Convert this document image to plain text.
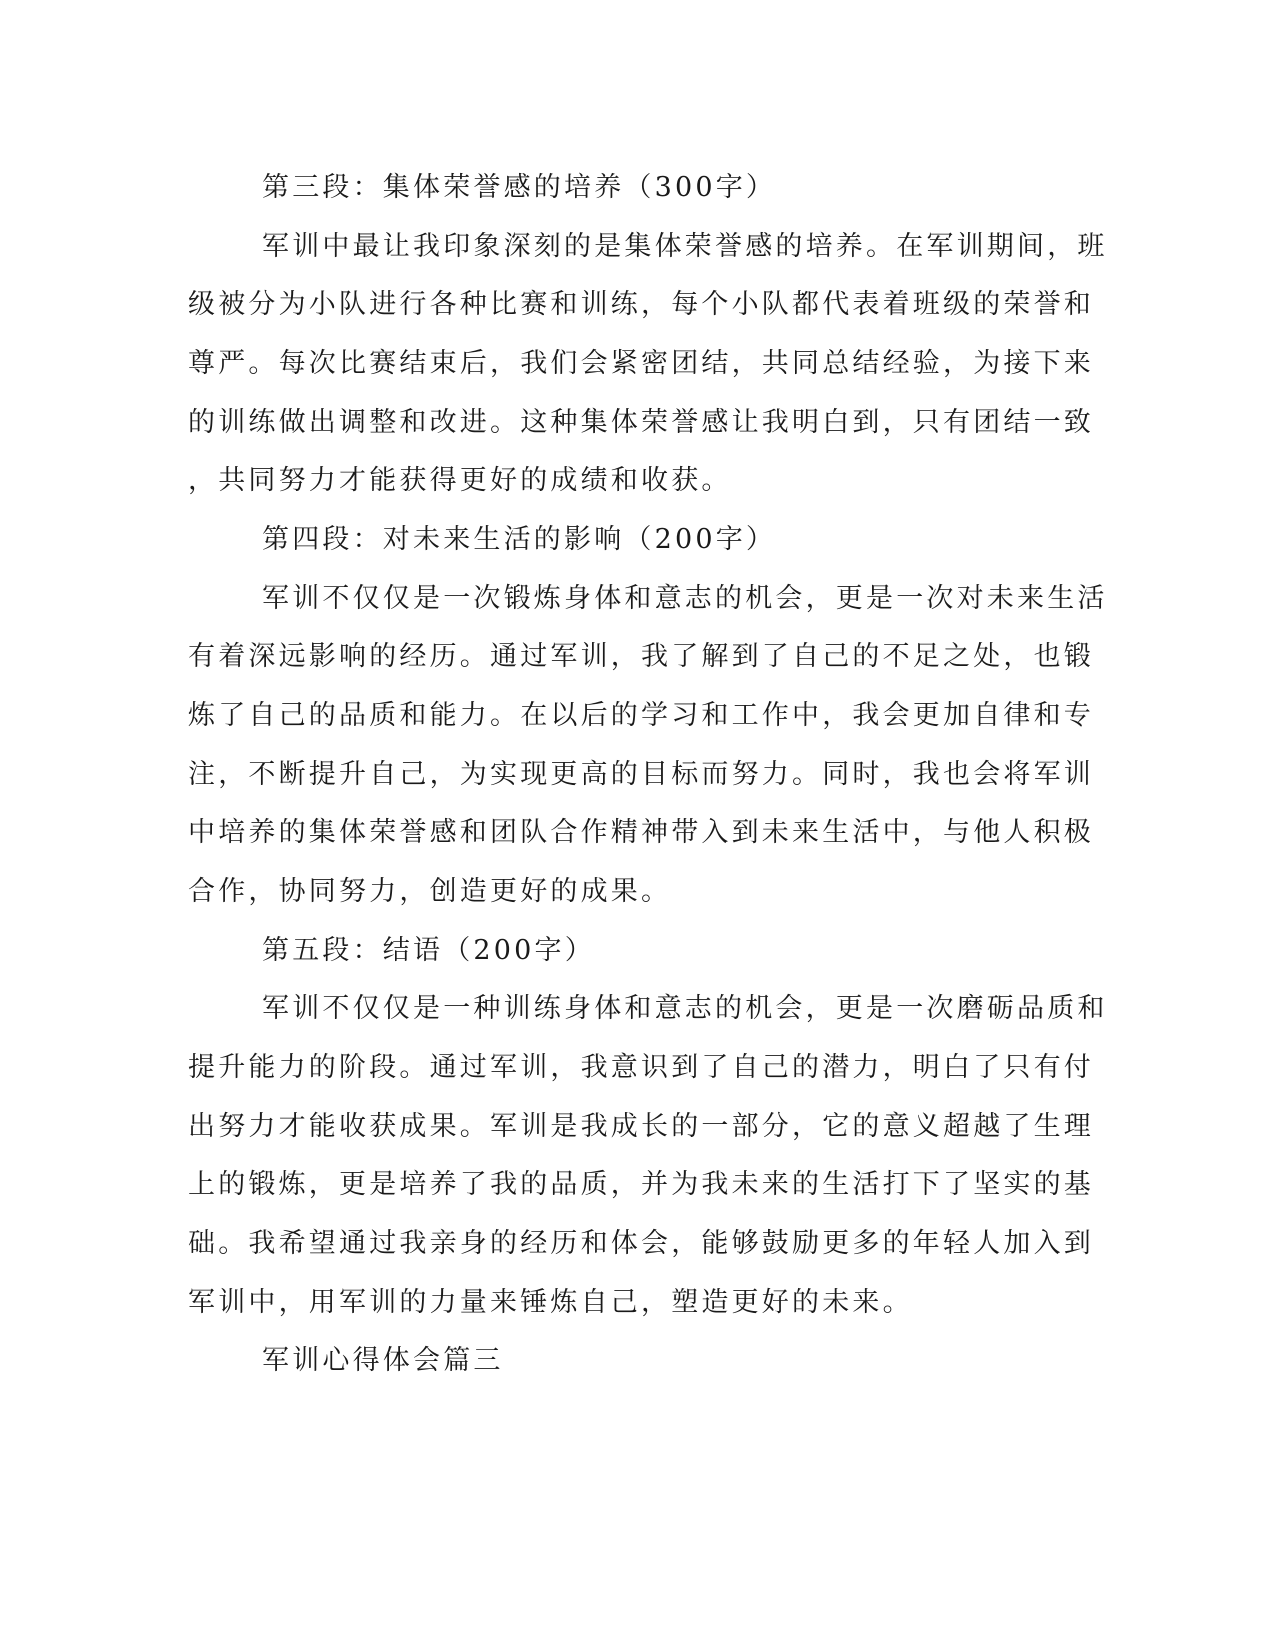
第三段：集体荣誉感的培养（300字）
军训中最让我印象深刻的是集体荣誉感的培养。在军训期间，班
级被分为小队进行各种比赛和训练，每个小队都代表着班级的荣誉和
尊严。每次比赛结束后，我们会紧密团结，共同总结经验，为接下来
的训练做出调整和改进。这种集体荣誉感让我明白到，只有团结一致
，共同努力才能获得更好的成绩和收获。
第四段：对未来生活的影响（200字）
军训不仅仅是一次锻炼身体和意志的机会，更是一次对未来生活
有着深远影响的经历。通过军训，我了解到了自己的不足之处，也锻
炼了自己的品质和能力。在以后的学习和工作中，我会更加自律和专
注，不断提升自己，为实现更高的目标而努力。同时，我也会将军训
中培养的集体荣誉感和团队合作精神带入到未来生活中，与他人积极
合作，协同努力，创造更好的成果。
第五段：结语（200字）
军训不仅仅是一种训练身体和意志的机会，更是一次磨砺品质和
提升能力的阶段。通过军训，我意识到了自己的潜力，明白了只有付
出努力才能收获成果。军训是我成长的一部分，它的意义超越了生理
上的锻炼，更是培养了我的品质，并为我未来的生活打下了坚实的基
础。我希望通过我亲身的经历和体会，能够鼓励更多的年轻人加入到
军训中，用军训的力量来锤炼自己，塑造更好的未来。
军训心得体会篇三
